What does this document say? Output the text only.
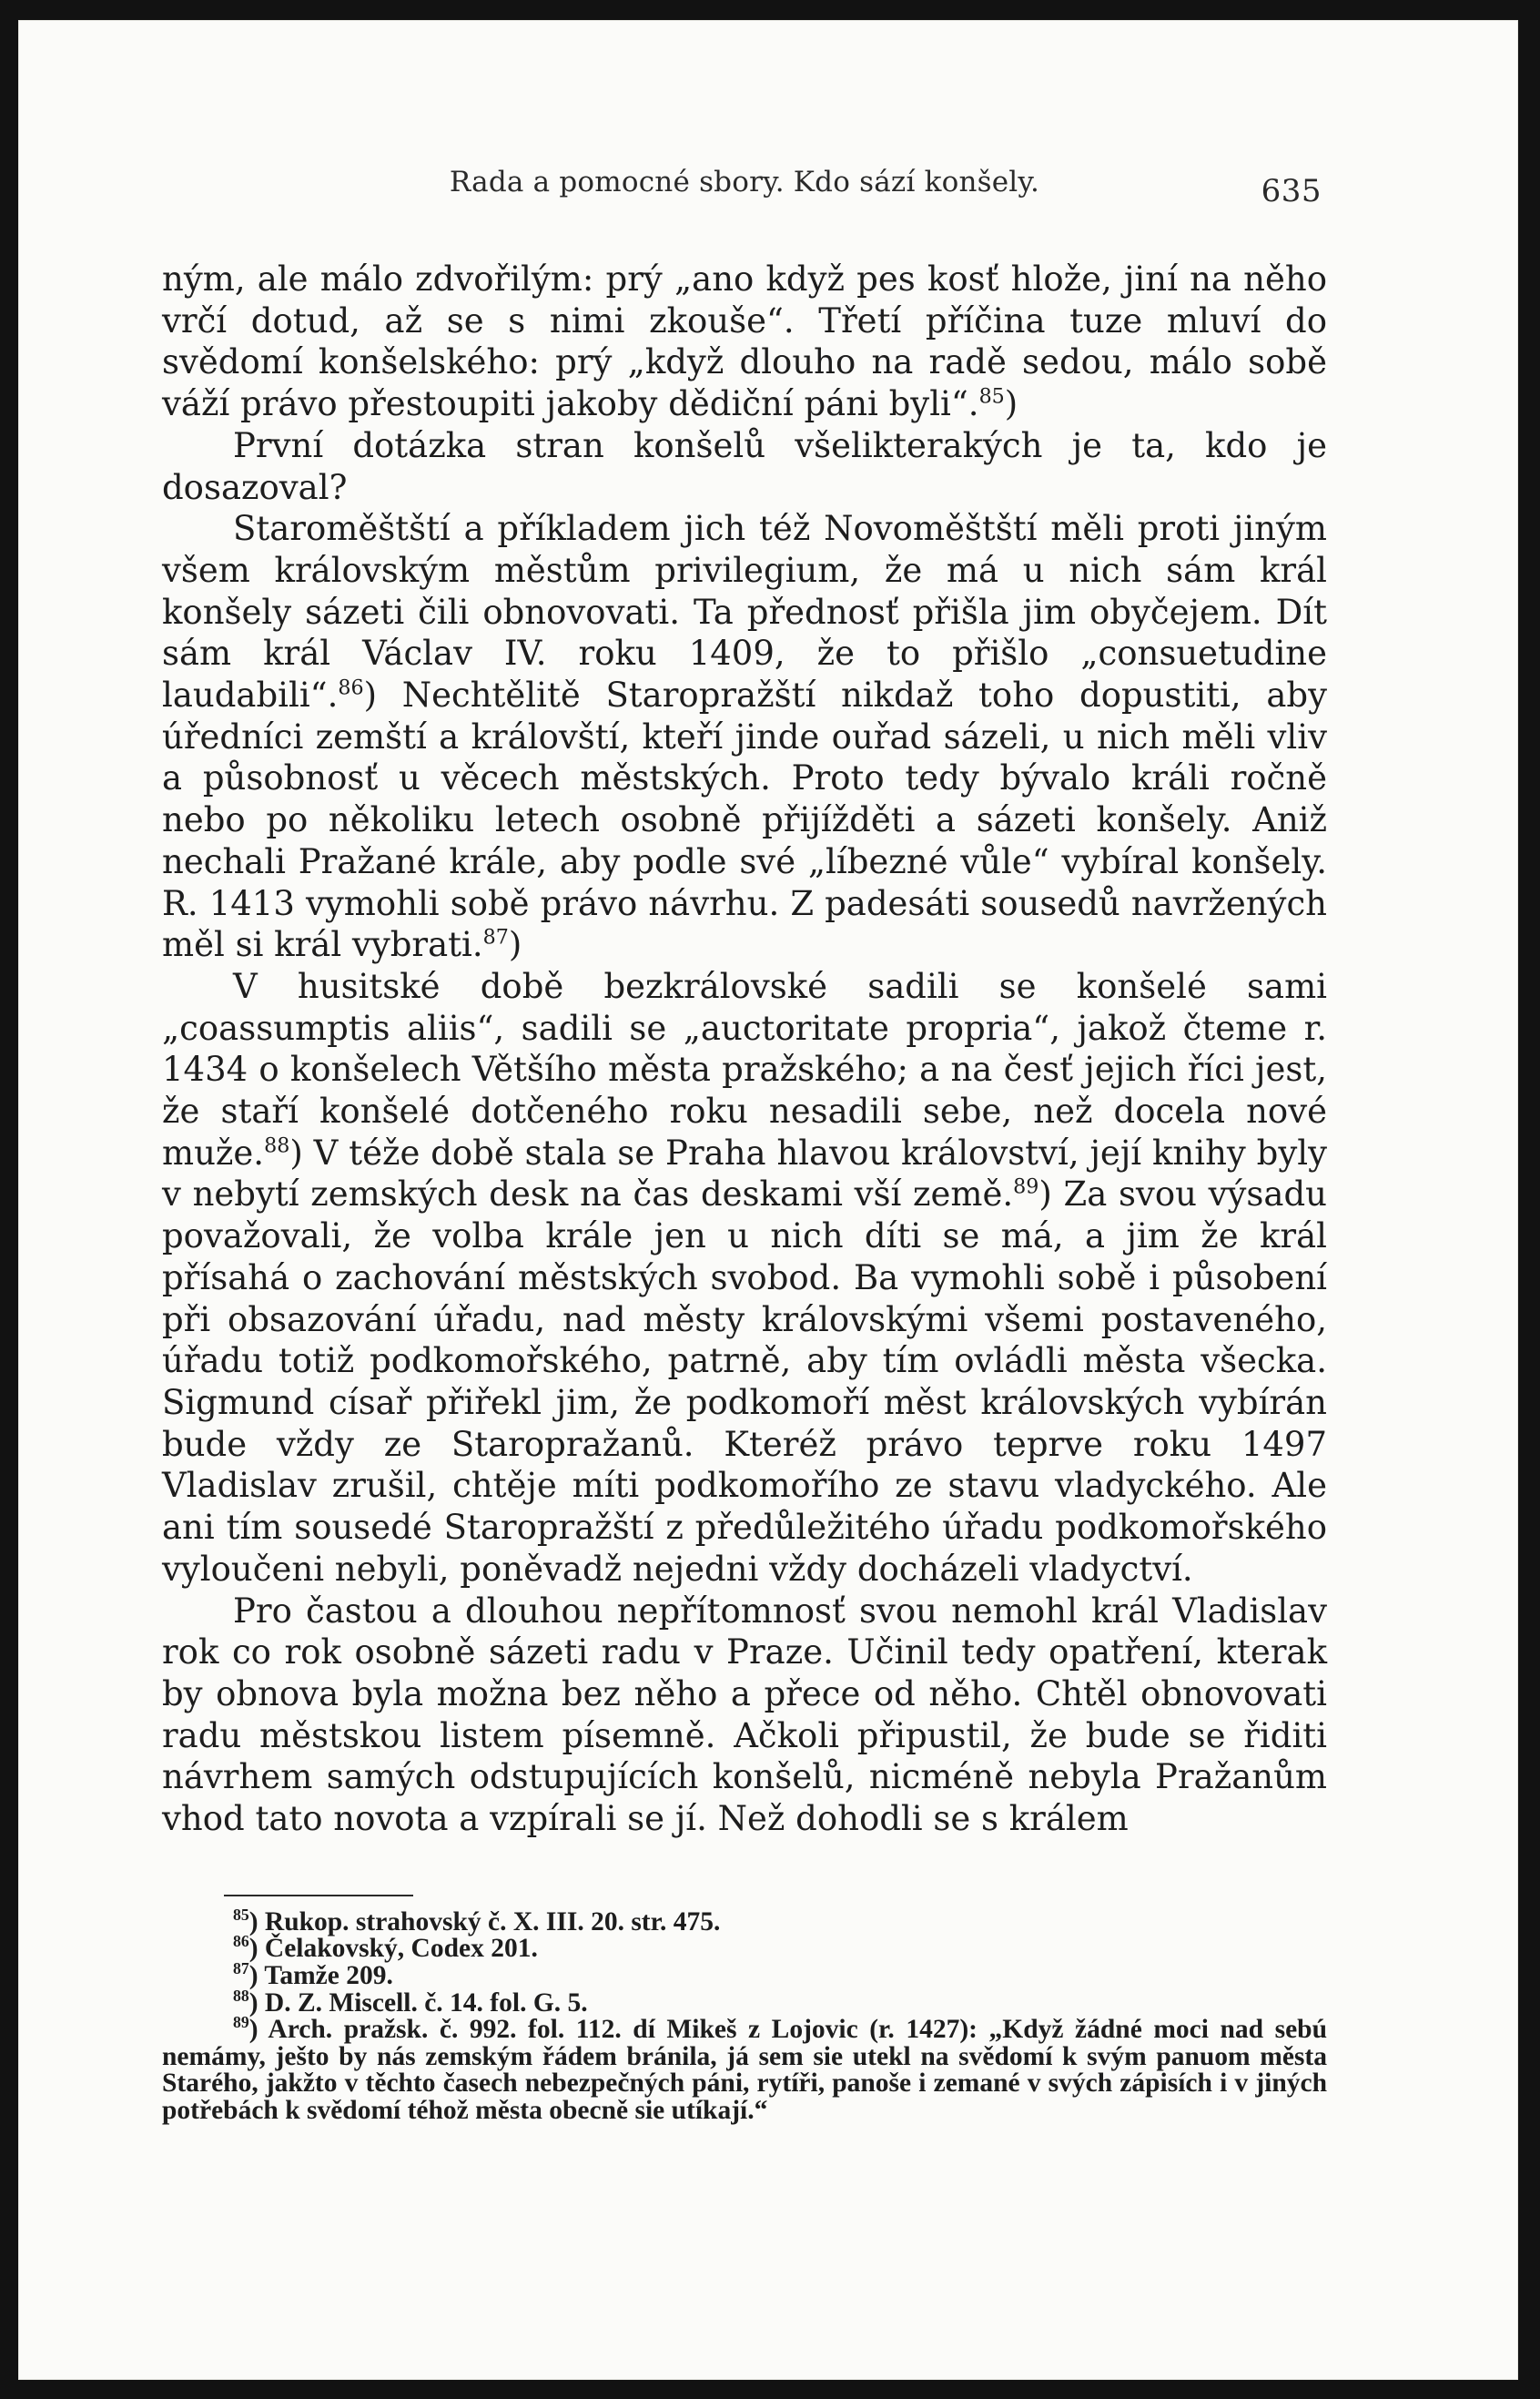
Rada a pomocné sbory. Kdo sází konšely.	635

ným, ale málo zdvořilým: prý „ano když pes kosť hlože, jiní na něho vrčí dotud, až se s nimi zkouše“. Třetí příčina tuze mluví do svědomí konšelského: prý „když dlouho na radě sedou, málo sobě váží právo přestoupiti jakoby dědiční páni byli“.$^{85}$)

První dotázka stran konšelů všelikterakých je ta, kdo je dosazoval?

Staroměštští a příkladem jich též Novoměštští měli proti jiným všem královským městům privilegium, že má u nich sám král konšely sázeti čili obnovovati. Ta přednosť přišla jim obyčejem. Dít sám král Václav IV. roku 1409, že to přišlo „consuetudine laudabili“.$^{86}$) Nechtělitě Staropražští nikdaž toho dopustiti, aby úředníci zemští a královští, kteří jinde ouřad sázeli, u nich měli vliv a působnosť u věcech městských. Proto tedy bývalo králi ročně nebo po několiku letech osobně přijížděti a sázeti konšely. Aniž nechali Pražané krále, aby podle své „líbezné vůle“ vybíral konšely. R. 1413 vymohli sobě právo návrhu. Z padesáti sousedů navržených měl si král vybrati.$^{87}$)

V husitské době bezkrálovské sadili se konšelé sami „coassumptis aliis“, sadili se „auctoritate propria“, jakož čteme r. 1434 o konšelech Většího města pražského; a na česť jejich říci jest, že staří konšelé dotčeného roku nesadili sebe, než docela nové muže.$^{88}$) V téže době stala se Praha hlavou království, její knihy byly v nebytí zemských desk na čas deskami vší země.$^{89}$) Za svou výsadu považovali, že volba krále jen u nich díti se má, a jim že král přísahá o zachování městských svobod. Ba vymohli sobě i působení při obsazování úřadu, nad městy královskými všemi postaveného, úřadu totiž podkomořského, patrně, aby tím ovládli města všecka. Sigmund císař přiřekl jim, že podkomoří měst královských vybírán bude vždy ze Staropražanů. Kteréž právo teprve roku 1497 Vladislav zrušil, chtěje míti podkomořího ze stavu vladyckého. Ale ani tím sousedé Staropražští z předůležitého úřadu podkomořského vyloučeni nebyli, poněvadž nejedni vždy docházeli vladyctví.

Pro častou a dlouhou nepřítomnosť svou nemohl král Vladislav rok co rok osobně sázeti radu v Praze. Učinil tedy opatření, kterak by obnova byla možna bez něho a přece od něho. Chtěl obnovovati radu městskou listem písemně. Ačkoli připustil, že bude se řiditi návrhem samých odstupujících konšelů, nicméně nebyla Pražanům vhod tato novota a vzpírali se jí. Než dohodli se s králem

$^{85}$) Rukop. strahovský č. X. III. 20. str. 475.
$^{86}$) Čelakovský, Codex 201.
$^{87}$) Tamže 209.
$^{88}$) D. Z. Miscell. č. 14. fol. G. 5.
$^{89}$) Arch. pražsk. č. 992. fol. 112. dí Mikeš z Lojovic (r. 1427): „Když žádné moci nad sebú nemámy, ješto by nás zemským řádem bránila, já sem sie utekl na svědomí k svým panuom města Starého, jakžto v těchto časech nebezpečných páni, rytíři, panoše i zemané v svých zápisích i v jiných potřebách k svědomí téhož města obecně sie utíkají.“
